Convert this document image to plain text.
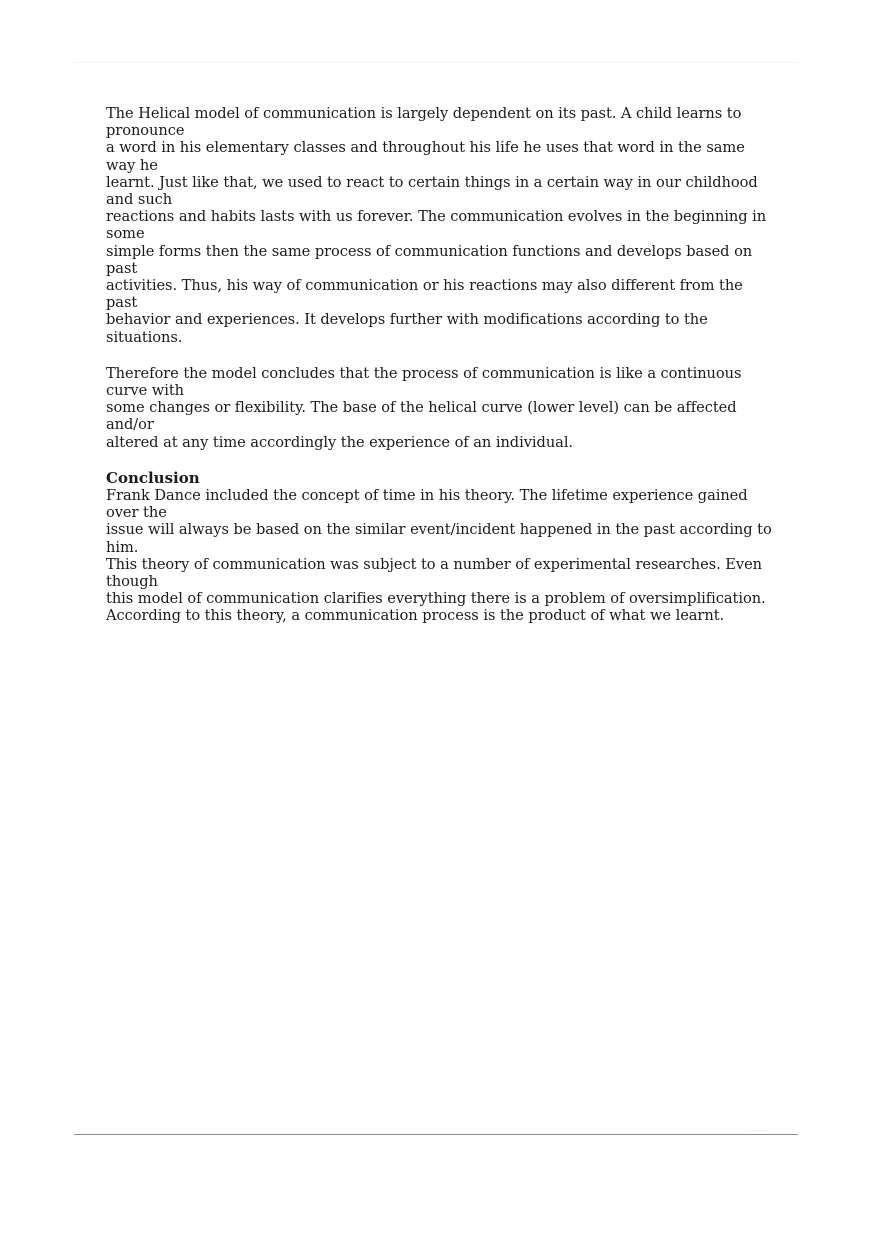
The Helical model of communication is largely dependent on its past. A child learns to pronounce
a word in his elementary classes and throughout his life he uses that word in the same way he
learnt. Just like that, we used to react to certain things in a certain way in our childhood and such
reactions and habits lasts with us forever. The communication evolves in the beginning in some
simple forms then the same process of communication functions and develops based on past
activities. Thus, his way of communication or his reactions may also different from the past
behavior and experiences. It develops further with modifications according to the situations.

Therefore the model concludes that the process of communication is like a continuous curve with
some changes or flexibility. The base of the helical curve (lower level) can be affected and/or
altered at any time accordingly the experience of an individual.

Conclusion

Frank Dance included the concept of time in his theory. The lifetime experience gained over the
issue will always be based on the similar event/incident happened in the past according to him.
This theory of communication was subject to a number of experimental researches. Even though
this model of communication clarifies everything there is a problem of oversimplification.
According to this theory, a communication process is the product of what we learnt.

· ·· ··
